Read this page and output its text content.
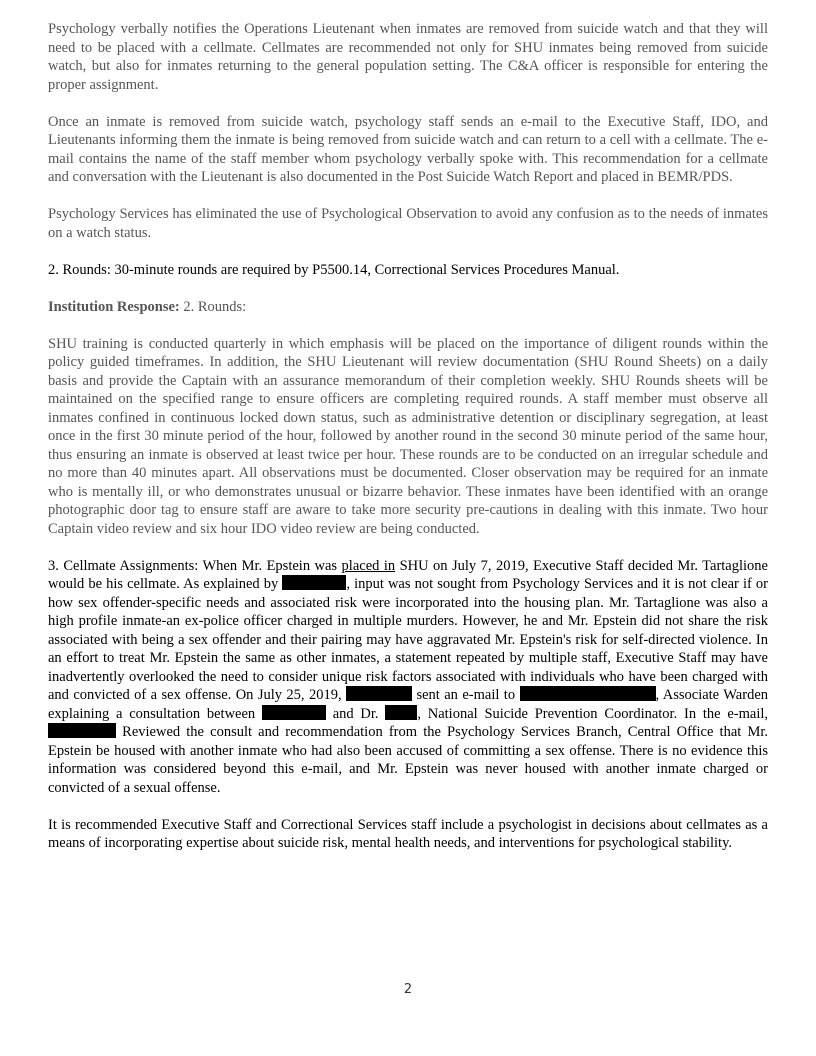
Psychology verbally notifies the Operations Lieutenant when inmates are removed from suicide watch and that they will need to be placed with a cellmate. Cellmates are recommended not only for SHU inmates being removed from suicide watch, but also for inmates returning to the general population setting. The C&A officer is responsible for entering the proper assignment.

Once an inmate is removed from suicide watch, psychology staff sends an e-mail to the Executive Staff, IDO, and Lieutenants informing them the inmate is being removed from suicide watch and can return to a cell with a cellmate. The e-mail contains the name of the staff member whom psychology verbally spoke with. This recommendation for a cellmate and conversation with the Lieutenant is also documented in the Post Suicide Watch Report and placed in BEMR/PDS.

Psychology Services has eliminated the use of Psychological Observation to avoid any confusion as to the needs of inmates on a watch status.

2. Rounds: 30-minute rounds are required by P5500.14, Correctional Services Procedures Manual.

Institution Response: 2. Rounds:

SHU training is conducted quarterly in which emphasis will be placed on the importance of diligent rounds within the policy guided timeframes. In addition, the SHU Lieutenant will review documentation (SHU Round Sheets) on a daily basis and provide the Captain with an assurance memorandum of their completion weekly. SHU Rounds sheets will be maintained on the specified range to ensure officers are completing required rounds. A staff member must observe all inmates confined in continuous locked down status, such as administrative detention or disciplinary segregation, at least once in the first 30 minute period of the hour, followed by another round in the second 30 minute period of the same hour, thus ensuring an inmate is observed at least twice per hour. These rounds are to be conducted on an irregular schedule and no more than 40 minutes apart. All observations must be documented. Closer observation may be required for an inmate who is mentally ill, or who demonstrates unusual or bizarre behavior. These inmates have been identified with an orange photographic door tag to ensure staff are aware to take more security pre-cautions in dealing with this inmate. Two hour Captain video review and six hour IDO video review are being conducted.

3. Cellmate Assignments: When Mr. Epstein was placed in SHU on July 7, 2019, Executive Staff decided Mr. Tartaglione would be his cellmate. As explained by	, input was not sought from Psychology Services and it is not clear if or how sex offender-specific needs and associated risk were incorporated into the housing plan. Mr. Tartaglione was also a high profile inmate-an ex-police officer charged in multiple murders. However, he and Mr. Epstein did not share the risk associated with being a sex offender and their pairing may have aggravated Mr. Epstein's risk for self-directed violence. In an effort to treat Mr. Epstein the same as other inmates, a statement repeated by multiple staff, Executive Staff may have inadvertently overlooked the need to consider unique risk factors associated with individuals who have been charged with and convicted of a sex offense. On July 25, 2019,	sent an e-mail to	, Associate Warden explaining a consultation between	and Dr. , National Suicide Prevention Coordinator. In the e-mail,  Reviewed the consult and recommendation from the Psychology Services Branch, Central Office that Mr. Epstein be housed with another inmate who had also been accused of committing a sex offense. There is no evidence this information was considered beyond this e-mail, and Mr. Epstein was never housed with another inmate charged or convicted of a sexual offense.

It is recommended Executive Staff and Correctional Services staff include a psychologist in decisions about cellmates as a means of incorporating expertise about suicide risk, mental health needs, and interventions for psychological stability.

2
